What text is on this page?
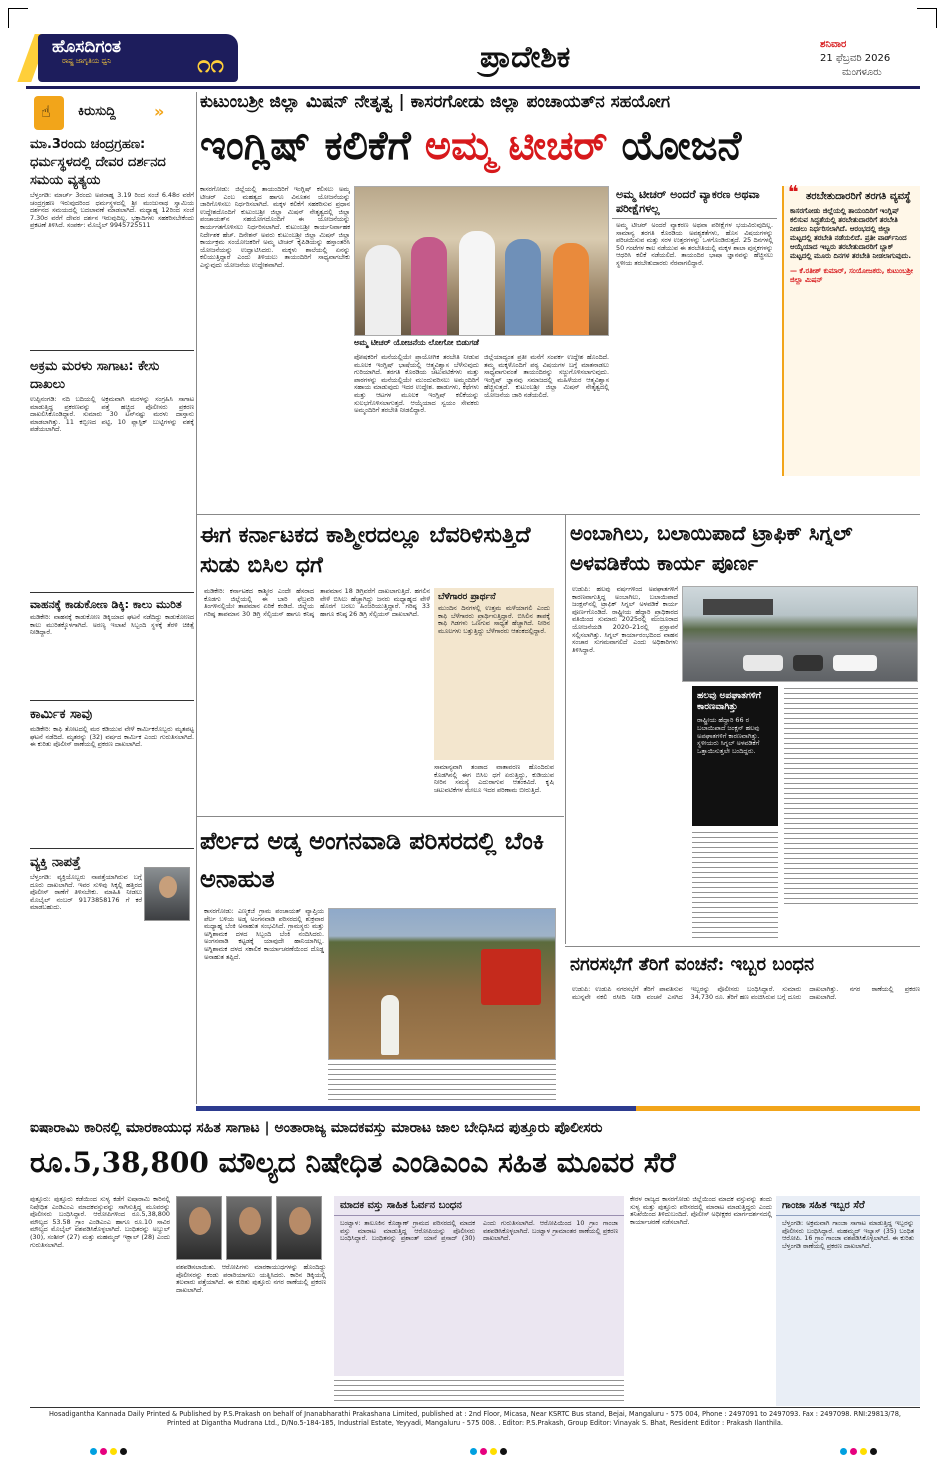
ಹೊಸದಿಗಂತ
ರಾಷ್ಟ್ರ ಜಾಗೃತಿಯ ಧ್ವನಿ	೧೧	ಪ್ರಾದೇಶಿಕ	ಶನಿವಾರ
21 ಫೆಬ್ರವರಿ 2026
ಮಂಗಳೂರು
☝
ಕಿರುಸುದ್ದಿ	»
ಮಾ.3ರಂದು ಚಂದ್ರಗ್ರಹಣ: ಧರ್ಮಸ್ಥಳದಲ್ಲಿ ದೇವರ ದರ್ಶನದ ಸಮಯ ವ್ಯತ್ಯಯ
ಬೆಳ್ತಂಗಡಿ: ಮಾರ್ಚ್ 3ರಂದು ಅಪರಾಹ್ನ 3.19 ರಿಂದ ಸಂಜೆ 6.48ರ ವರೆಗೆ ಚಂದ್ರಗ್ರಹಣ ಇರುವುದರಿಂದ ಧರ್ಮಸ್ಥಳದಲ್ಲಿ ಶ್ರೀ ಮಂಜುನಾಥ ಸ್ವಾಮಿಯ ದರ್ಶನದ ಸಮಯದಲ್ಲಿ ಬದಲಾವಣೆ ಮಾಡಲಾಗಿದೆ. ಮಧ್ಯಾಹ್ನ 12ರಿಂದ ಸಂಜೆ 7.30ರ ವರೆಗೆ ದೇವರ ದರ್ಶನ ಇರುವುದಿಲ್ಲ. ಭಕ್ತಾದಿಗಳು ಸಹಕರಿಸಬೇಕೆಂದು ಪ್ರಕಟಣೆ ತಿಳಿಸಿದೆ. ಸಂಪರ್ಕ: ಮೊಬೈಲ್ 9945725511
ಅಕ್ರಮ ಮರಳು ಸಾಗಾಟ: ಕೇಸು ದಾಖಲು
ಉಪ್ಪಿನಂಗಡಿ: ನದಿ ಬದಿಯಲ್ಲಿ ಅಕ್ರಮವಾಗಿ ಮರಳನ್ನು ಸಂಗ್ರಹಿಸಿ ಸಾಗಾಟ ಮಾಡುತ್ತಿದ್ದ ಪ್ರಕರಣವನ್ನು ಪತ್ತೆ ಹಚ್ಚಿದ ಪೊಲೀಸರು ಪ್ರಕರಣ ದಾಖಲಿಸಿಕೊಂಡಿದ್ದಾರೆ. ಸುಮಾರು 30 ಟನ್‌ನಷ್ಟು ಮರಳು ದಾಸ್ತಾನು ಮಾಡಲಾಗಿತ್ತು. 11 ಕಬ್ಬಿಣದ ಪಟ್ಟಿ, 10 ಪ್ಲಾಸ್ಟಿಕ್ ಬುಟ್ಟಿಗಳನ್ನು ವಶಕ್ಕೆ ಪಡೆಯಲಾಗಿದೆ.
ವಾಹನಕ್ಕೆ ಕಾಡುಕೋಣ ಡಿಕ್ಕಿ: ಕಾಲು ಮುರಿತ
ಮಡಿಕೇರಿ: ವಾಹನಕ್ಕೆ ಕಾಡುಕೋಣ ಡಿಕ್ಕಿಯಾದ ಘಟನೆ ನಡೆದಿದ್ದು ಕಾಡುಕೋಣದ ಕಾಲು ಮುರಿತಕ್ಕೊಳಗಾಗಿದೆ. ಅರಣ್ಯ ಇಲಾಖೆ ಸಿಬ್ಬಂದಿ ಸ್ಥಳಕ್ಕೆ ತೆರಳಿ ಚಿಕಿತ್ಸೆ ನೀಡಿದ್ದಾರೆ.
ಕಾರ್ಮಿಕ ಸಾವು
ಮಡಿಕೇರಿ: ಕಾಫಿ ತೋಟದಲ್ಲಿ ಮರ ಕಡಿಯುವ ವೇಳೆ ಕಾರ್ಮಿಕರೊಬ್ಬರು ಮೃತಪಟ್ಟ ಘಟನೆ ನಡೆದಿದೆ. ಮೃತರನ್ನು (32) ವರ್ಷದ ಕಾರ್ಮಿಕ ಎಂದು ಗುರುತಿಸಲಾಗಿದೆ. ಈ ಕುರಿತು ಪೊಲೀಸ್ ಠಾಣೆಯಲ್ಲಿ ಪ್ರಕರಣ ದಾಖಲಾಗಿದೆ.
ವ್ಯಕ್ತಿ ನಾಪತ್ತೆ
ಬೆಳ್ತಂಗಡಿ: ವ್ಯಕ್ತಿಯೊಬ್ಬರು ನಾಪತ್ತೆಯಾಗಿರುವ ಬಗ್ಗೆ ದೂರು ದಾಖಲಾಗಿದೆ. ಇವರ ಸುಳಿವು ಸಿಕ್ಕಲ್ಲಿ ಹತ್ತಿರದ ಪೊಲೀಸ್ ಠಾಣೆಗೆ ತಿಳಿಸಬೇಕು. ಮಾಹಿತಿ ನೀಡಲು ಮೊಬೈಲ್ ನಂಬರ್ 9173858176 ಗೆ ಕರೆ ಮಾಡಬಹುದು.
ಕುಟುಂಬಶ್ರೀ ಜಿಲ್ಲಾ ಮಿಷನ್ ನೇತೃತ್ವ | ಕಾಸರಗೋಡು ಜಿಲ್ಲಾ ಪಂಚಾಯತ್‌ನ ಸಹಯೋಗ
ಇಂಗ್ಲಿಷ್ ಕಲಿಕೆಗೆ ಅಮ್ಮ ಟೀಚರ್ ಯೋಜನೆ
ಕಾಸರಗೋಡು: ಜಿಲ್ಲೆಯಲ್ಲಿ ತಾಯಂದಿರಿಗೆ ಇಂಗ್ಲಿಷ್ ಕಲಿಸಲು ಅಮ್ಮ ಟೀಚರ್ ಎಂಬ ಮಹತ್ವದ ಹಾಗೂ ವಿನೂತನ ಯೋಜನೆಯನ್ನು ಜಾರಿಗೊಳಿಸಲು ನಿರ್ಧರಿಸಲಾಗಿದೆ. ಮಕ್ಕಳ ಕಲಿಕೆಗೆ ಸಹಕರಿಸುವ ಪ್ರಧಾನ ಉದ್ದೇಶದೊಂದಿಗೆ ಕುಟುಂಬಶ್ರೀ ಜಿಲ್ಲಾ ಮಿಷನ್ ನೇತೃತ್ವದಲ್ಲಿ ಜಿಲ್ಲಾ ಪಂಚಾಯತ್‌ನ ಸಹಯೋಗದೊಂದಿಗೆ ಈ ಯೋಜನೆಯನ್ನು ಕಾರ್ಯಗತಗೊಳಿಸಲು ನಿರ್ಧರಿಸಲಾಗಿದೆ. ಕುಟುಂಬಶ್ರೀ ಕಾರ್ಯನಿರ್ವಾಹಕ ನಿರ್ದೇಶಕ ಹೆಚ್. ದಿನೇಶನ್ ಅವರು ಕುಟುಂಬಶ್ರೀ ಜಿಲ್ಲಾ ಮಿಷನ್ ಜಿಲ್ಲಾ ಕಾರ್ಯಕ್ರಮ ಸಂಯೋಜಕರಿಗೆ ಅಮ್ಮ ಟೀಚರ್ ಕೈಪಿಡಿಯನ್ನು ಹಸ್ತಾಂತರಿಸಿ ಯೋಜನೆಯನ್ನು ಉದ್ಘಾಟಿಸಿದರು. ಮಕ್ಕಳು ಶಾಲೆಯಲ್ಲಿ ಏನನ್ನು ಕಲಿಯುತ್ತಿದ್ದಾರೆ ಎಂದು ತಿಳಿಯಲು ತಾಯಂದಿರಿಗೆ ಸಾಧ್ಯವಾಗಬೇಕು ಎನ್ನುವುದು ಯೋಜನೆಯ ಉದ್ದೇಶವಾಗಿದೆ.
ಅಮ್ಮ ಟೀಚರ್ ಯೋಜನೆಯ ಲೋಗೋ ಬಿಡುಗಡೆ
ಪೋಷಕರಿಗೆ ಮನೆಯಲ್ಲಿಯೇ ಪ್ರಾಯೋಗಿಕ ತರಬೇತಿ ನೀಡುವ ಮೂಲಕ ಇಂಗ್ಲಿಷ್ ಭಾಷೆಯಲ್ಲಿ ಆತ್ಮವಿಶ್ವಾಸ ಬೆಳೆಸುವುದು ಗುರಿಯಾಗಿದೆ. ತರಗತಿ ಕೊಠಡಿಯ ಚಟುವಟಿಕೆಗಳು ಮತ್ತು ಪಾಠಗಳನ್ನು ಮನೆಯಲ್ಲಿಯೇ ಮುಂದುವರಿಸಲು ಅಮ್ಮಂದಿರಿಗೆ ಸಹಾಯ ಮಾಡುವುದು ಇದರ ಉದ್ದೇಶ. ಹಾಡುಗಳು, ಕಥೆಗಳು ಮತ್ತು ಆಟಗಳ ಮೂಲಕ ಇಂಗ್ಲಿಷ್ ಕಲಿಕೆಯನ್ನು ಸುಲಭಗೊಳಿಸಲಾಗುತ್ತದೆ. ಆಯ್ಕೆಯಾದ ಸ್ವಯಂ ಸೇವಕರು ಅಮ್ಮಂದಿರಿಗೆ ತರಬೇತಿ ನೀಡಲಿದ್ದಾರೆ.
ಜಿಲ್ಲೆಯಾದ್ಯಂತ ಪ್ರತೀ ಮನೆಗೆ ಸಂಪರ್ಕ ಉದ್ದೇಶ ಹೊಂದಿದೆ. ತಮ್ಮ ಮಕ್ಕಳೊಂದಿಗೆ ಪಠ್ಯ ವಿಷಯಗಳ ಬಗ್ಗೆ ಮಾತನಾಡಲು ಸಾಧ್ಯವಾಗುವಂತೆ ತಾಯಂದಿರನ್ನು ಸಜ್ಜುಗೊಳಿಸಲಾಗುವುದು. ಇಂಗ್ಲಿಷ್ ಜ್ಞಾನವು ಸಮಾಜದಲ್ಲಿ ಮಹಿಳೆಯರ ಆತ್ಮವಿಶ್ವಾಸ ಹೆಚ್ಚಿಸುತ್ತದೆ. ಕುಟುಂಬಶ್ರೀ ಜಿಲ್ಲಾ ಮಿಷನ್ ನೇತೃತ್ವದಲ್ಲಿ ಯೋಜನೆಯ ಜಾರಿ ನಡೆಯಲಿದೆ.
ಅಮ್ಮ ಟೀಚರ್ ಅಂದರೆ ವ್ಯಾಕರಣ ಅಥವಾ ಪರೀಕ್ಷೆಗಳಲ್ಲ
ಅಮ್ಮ ಟೀಚರ್ ಅಂದರೆ ವ್ಯಾಕರಣ ಅಥವಾ ಪರೀಕ್ಷೆಗಳ ಭಯವಿರುವುದಿಲ್ಲ. ಸಾಮಾನ್ಯ ತರಗತಿ ಕೊಠಡಿಯ ಅವಶ್ಯಕತೆಗಳು, ಹೊಸ ವಿಷಯಗಳನ್ನು ಪರಿಚಯಿಸುವ ಮತ್ತು ಸರಳ ಉತ್ತರಗಳನ್ನು ಒಳಗೊಂಡಿರುತ್ತದೆ. 25 ದಿನಗಳಲ್ಲಿ 50 ಗಂಟೆಗಳ ಕಾಲ ನಡೆಯುವ ಈ ತರಬೇತಿಯಲ್ಲಿ ಮಕ್ಕಳ ಶಾಲಾ ಪುಸ್ತಕಗಳನ್ನು ಆಧರಿಸಿ ಕಲಿಕೆ ನಡೆಯಲಿದೆ. ತಾಯಂದಿರ ಭಾಷಾ ಜ್ಞಾನವನ್ನು ಹೆಚ್ಚಿಸಲು ಸ್ಥಳೀಯ ತರಬೇತುದಾರರು ನೆರವಾಗಲಿದ್ದಾರೆ.
❝ ತರಬೇತುದಾರರಿಗೆ ತರಗತಿ ವ್ಯವಸ್ಥೆ
ಕಾಸರಗೋಡು ಜಿಲ್ಲೆಯಲ್ಲಿ ತಾಯಂದಿರಿಗೆ ಇಂಗ್ಲಿಷ್ ಕಲಿಸುವ ಸಿದ್ಧತೆಯಲ್ಲಿ ತರಬೇತುದಾರರಿಗೆ ತರಬೇತಿ ನೀಡಲು ನಿರ್ಧರಿಸಲಾಗಿದೆ. ಆರಂಭದಲ್ಲಿ ಜಿಲ್ಲಾ ಮಟ್ಟದಲ್ಲಿ ತರಬೇತಿ ನಡೆಯಲಿದೆ. ಪ್ರತೀ ವಾರ್ಡ್‌ನಿಂದ ಆಯ್ಕೆಯಾದ ಇಬ್ಬರು ತರಬೇತುದಾರರಿಗೆ ಬ್ಲಾಕ್ ಮಟ್ಟದಲ್ಲಿ ಮೂರು ದಿನಗಳ ತರಬೇತಿ ನೀಡಲಾಗುವುದು.
— ಕೆ.ರತೀಶ್ ಕುಮಾರ್, ಸಂಯೋಜಕರು, ಕುಟುಂಬಶ್ರೀ ಜಿಲ್ಲಾ ಮಿಷನ್
ಈಗ ಕರ್ನಾಟಕದ ಕಾಶ್ಮೀರದಲ್ಲೂ ಬೆವರಿಳಿಸುತ್ತಿದೆ ಸುಡು ಬಿಸಿಲ ಧಗೆ
ಮಡಿಕೇರಿ: ಕರ್ನಾಟಕದ ಕಾಶ್ಮೀರ ಎಂದೇ ಹೆಸರಾದ ಕೊಡಗು ಜಿಲ್ಲೆಯಲ್ಲಿ ಈ ಬಾರಿ ಫೆಬ್ರವರಿ ತಿಂಗಳಿನಲ್ಲಿಯೇ ತಾಪಮಾನ ಏರಿಕೆ ಕಂಡಿದೆ. ಜಿಲ್ಲೆಯ ಗರಿಷ್ಠ ತಾಪಮಾನ 30 ಡಿಗ್ರಿ ಸೆಲ್ಸಿಯಸ್ ಹಾಗೂ ಕನಿಷ್ಠ ತಾಪಮಾನ 18 ಡಿಗ್ರಿವರೆಗೆ ದಾಖಲಾಗುತ್ತಿದೆ. ಹಗಲಿನ ವೇಳೆ ಬಿಸಿಲು ಹೆಚ್ಚಾಗಿದ್ದು ಜನರು ಮಧ್ಯಾಹ್ನದ ವೇಳೆ ಹೊರಗೆ ಬರಲು ಹಿಂಜರಿಯುತ್ತಿದ್ದಾರೆ. ಗರಿಷ್ಠ 33 ಹಾಗೂ ಕನಿಷ್ಠ 26 ಡಿಗ್ರಿ ಸೆಲ್ಸಿಯಸ್ ದಾಖಲಾಗಿದೆ.
ಬೆಳೆಗಾರರ ಪ್ರಾರ್ಥನೆ
ಮುಂದಿನ ದಿನಗಳಲ್ಲಿ ಉತ್ತಮ ಮಳೆಯಾಗಲಿ ಎಂದು ಕಾಫಿ ಬೆಳೆಗಾರರು ಪ್ರಾರ್ಥಿಸುತ್ತಿದ್ದಾರೆ. ಬಿಸಿಲಿನ ತಾಪಕ್ಕೆ ಕಾಫಿ ಗಿಡಗಳು ಒಣಗುವ ಸಾಧ್ಯತೆ ಹೆಚ್ಚಾಗಿದೆ. ನೀರಿನ ಮೂಲಗಳು ಬತ್ತುತ್ತಿದ್ದು ಬೆಳೆಗಾರರು ಆತಂಕದಲ್ಲಿದ್ದಾರೆ.
ಸಾಮಾನ್ಯವಾಗಿ ತಂಪಾದ ವಾತಾವರಣ ಹೊಂದಿರುವ ಕೊಡಗಿನಲ್ಲಿ ಈಗ ಬಿಸಿಲ ಧಗೆ ಏರುತ್ತಿದ್ದು, ಕುಡಿಯುವ ನೀರಿನ ಸಮಸ್ಯೆ ಎದುರಾಗುವ ಆತಂಕವಿದೆ. ಕೃಷಿ ಚಟುವಟಿಕೆಗಳ ಮೇಲೂ ಇದರ ಪರಿಣಾಮ ಬೀರುತ್ತಿದೆ.
ಪೆರ್ಲದ ಅಡ್ಕ ಅಂಗನವಾಡಿ ಪರಿಸರದಲ್ಲಿ ಬೆಂಕಿ ಅನಾಹುತ
ಕಾಸರಗೋಡು: ಎಣ್ಮಕಜೆ ಗ್ರಾಮ ಪಂಚಾಯತ್ ವ್ಯಾಪ್ತಿಯ ಪೆರ್ಲ ಬಳಿಯ ಅಡ್ಕ ಅಂಗನವಾಡಿ ಪರಿಸರದಲ್ಲಿ ಶುಕ್ರವಾರ ಮಧ್ಯಾಹ್ನ ಬೆಂಕಿ ಅನಾಹುತ ಸಂಭವಿಸಿದೆ. ಗ್ರಾಮಸ್ಥರು ಮತ್ತು ಅಗ್ನಿಶಾಮಕ ದಳದ ಸಿಬ್ಬಂದಿ ಬೆಂಕಿ ನಂದಿಸಿದರು. ಅಂಗನವಾಡಿ ಕಟ್ಟಡಕ್ಕೆ ಯಾವುದೇ ಹಾನಿಯಾಗಿಲ್ಲ. ಅಗ್ನಿಶಾಮಕ ದಳದ ಸಕಾಲಿಕ ಕಾರ್ಯಾಚರಣೆಯಿಂದ ದೊಡ್ಡ ಅನಾಹುತ ತಪ್ಪಿದೆ.
ಅಂಬಾಗಿಲು, ಬಲಾಯಿಪಾದೆ ಟ್ರಾಫಿಕ್ ಸಿಗ್ನಲ್ ಅಳವಡಿಕೆಯ ಕಾರ್ಯ ಪೂರ್ಣ
ಉಡುಪಿ: ಹಲವು ವರ್ಷಗಳಿಂದ ಅಪಘಾತಗಳಿಗೆ ಕಾರಣವಾಗುತ್ತಿದ್ದ ಅಂಬಾಗಿಲು, ಬಲಾಯಿಪಾದೆ ಜಂಕ್ಷನ್‌ನಲ್ಲಿ ಟ್ರಾಫಿಕ್ ಸಿಗ್ನಲ್ ಅಳವಡಿಕೆ ಕಾರ್ಯ ಪೂರ್ಣಗೊಂಡಿದೆ. ರಾಷ್ಟ್ರೀಯ ಹೆದ್ದಾರಿ ಪ್ರಾಧಿಕಾರದ ವತಿಯಿಂದ ಸುಮಾರು 2025ರಲ್ಲಿ ಮಂಜೂರಾದ ಯೋಜನೆಯಡಿ 2020–21ರಲ್ಲಿ ಪ್ರಸ್ತಾವನೆ ಸಲ್ಲಿಸಲಾಗಿತ್ತು. ಸಿಗ್ನಲ್ ಕಾರ್ಯಾರಂಭದಿಂದ ವಾಹನ ಸಂಚಾರ ಸುಗಮವಾಗಲಿದೆ ಎಂದು ಅಧಿಕಾರಿಗಳು ತಿಳಿಸಿದ್ದಾರೆ.
ಹಲವು ಅಪಘಾತಗಳಿಗೆ ಕಾರಣವಾಗಿತ್ತು
ರಾಷ್ಟ್ರೀಯ ಹೆದ್ದಾರಿ 66 ರ ಬಲಾಯಿಪಾದೆ ಜಂಕ್ಷನ್ ಹಲವು ಅಪಘಾತಗಳಿಗೆ ಕಾರಣವಾಗಿತ್ತು. ಸ್ಥಳೀಯರು ಸಿಗ್ನಲ್ ಅಳವಡಿಕೆಗೆ ಒತ್ತಾಯಿಸುತ್ತಲೇ ಬಂದಿದ್ದರು.
ನಗರಸಭೆಗೆ ತೆರಿಗೆ ವಂಚನೆ: ಇಬ್ಬರ ಬಂಧನ
ಉಡುಪಿ: ಉಡುಪಿ ನಗರಸಭೆಗೆ ತೆರಿಗೆ ಪಾವತಿಸುವ ಮುನ್ನವೇ ನಕಲಿ ರಸೀದಿ ನೀಡಿ ವಂಚನೆ ಎಸಗಿದ ಇಬ್ಬರನ್ನು ಪೊಲೀಸರು ಬಂಧಿಸಿದ್ದಾರೆ. ಸುಮಾರು 34,730 ರೂ. ತೆರಿಗೆ ಹಣ ವಂಚಿಸಿರುವ ಬಗ್ಗೆ ದೂರು ದಾಖಲಾಗಿತ್ತು. ನಗರ ಠಾಣೆಯಲ್ಲಿ ಪ್ರಕರಣ ದಾಖಲಾಗಿದೆ.
ಐಷಾರಾಮಿ ಕಾರಿನಲ್ಲಿ ಮಾರಕಾಯುಧ ಸಹಿತ ಸಾಗಾಟ | ಅಂತಾರಾಜ್ಯ ಮಾದಕವಸ್ತು ಮಾರಾಟ ಜಾಲ ಬೇಧಿಸಿದ ಪುತ್ತೂರು ಪೊಲೀಸರು
ರೂ.5,38,800 ಮೌಲ್ಯದ ನಿಷೇಧಿತ ಎಂಡಿಎಂಎ ಸಹಿತ ಮೂವರ ಸೆರೆ
ಪುತ್ತೂರು: ಪುತ್ತೂರು ಕಡೆಯಿಂದ ಸುಳ್ಯ ಕಡೆಗೆ ಐಷಾರಾಮಿ ಕಾರಿನಲ್ಲಿ ನಿಷೇಧಿತ ಎಂಡಿಎಂಎ ಮಾದಕವಸ್ತುವನ್ನು ಸಾಗಿಸುತ್ತಿದ್ದ ಮೂವರನ್ನು ಪೊಲೀಸರು ಬಂಧಿಸಿದ್ದಾರೆ. ಆರೋಪಿಗಳಿಂದ ರೂ.5,38,800 ಮೌಲ್ಯದ 53.58 ಗ್ರಾಂ ಎಂಡಿಎಂಎ ಹಾಗೂ ರೂ.10 ಸಾವಿರ ಮೌಲ್ಯದ ಮೊಬೈಲ್ ವಶಪಡಿಸಿಕೊಳ್ಳಲಾಗಿದೆ. ಬಂಧಿತರನ್ನು ಅಬ್ದುಲ್ (30), ಸಂಶೀರ್ (27) ಮತ್ತು ಮಹಮ್ಮದ್ ಇಕ್ಬಾಲ್ (28) ಎಂದು ಗುರುತಿಸಲಾಗಿದೆ.
ವಶಪಡಿಸಲಾಯಿತು. ಆರೋಪಿಗಳು ಮಾರಕಾಯುಧಗಳನ್ನು ಹೊಂದಿದ್ದು ಪೊಲೀಸರನ್ನು ಕಂಡು ಪರಾರಿಯಾಗಲು ಯತ್ನಿಸಿದರು. ಕಾರಿನ ಡಿಕ್ಕಿಯಲ್ಲಿ ತಲವಾರು ಪತ್ತೆಯಾಗಿದೆ. ಈ ಕುರಿತು ಪುತ್ತೂರು ನಗರ ಠಾಣೆಯಲ್ಲಿ ಪ್ರಕರಣ ದಾಖಲಾಗಿದೆ.
ಮಾದಕ ವಸ್ತು ಸಾಹಿತ ಓರ್ವನ ಬಂಧನ
ಬಂಟ್ವಾಳ: ತಾಲೂಕಿನ ಕೊಡ್ಮಾಣ್ ಗ್ರಾಮದ ಪರಿಸರದಲ್ಲಿ ಮಾದಕ ವಸ್ತು ಮಾರಾಟ ಮಾಡುತ್ತಿದ್ದ ಆರೋಪಿಯನ್ನು ಪೊಲೀಸರು ಬಂಧಿಸಿದ್ದಾರೆ. ಬಂಧಿತನನ್ನು ಪ್ರಶಾಂತ್ ಯಾನೆ ಪ್ರಸಾದ್ (30) ಎಂದು ಗುರುತಿಸಲಾಗಿದೆ. ಆರೋಪಿಯಿಂದ 10 ಗ್ರಾಂ ಗಾಂಜಾ ವಶಪಡಿಸಿಕೊಳ್ಳಲಾಗಿದೆ. ಬಂಟ್ವಾಳ ಗ್ರಾಮಾಂತರ ಠಾಣೆಯಲ್ಲಿ ಪ್ರಕರಣ ದಾಖಲಾಗಿದೆ.
ಕೇರಳ ರಾಜ್ಯದ ಕಾಸರಗೋಡು ಜಿಲ್ಲೆಯಿಂದ ಮಾದಕ ವಸ್ತುವನ್ನು ತಂದು ಸುಳ್ಯ ಮತ್ತು ಪುತ್ತೂರು ಪರಿಸರದಲ್ಲಿ ಮಾರಾಟ ಮಾಡುತ್ತಿದ್ದರು ಎಂದು ತನಿಖೆಯಿಂದ ತಿಳಿದುಬಂದಿದೆ. ಪೊಲೀಸ್ ಅಧೀಕ್ಷಕರ ಮಾರ್ಗದರ್ಶನದಲ್ಲಿ ಕಾರ್ಯಾಚರಣೆ ನಡೆಸಲಾಗಿದೆ.
ಗಾಂಜಾ ಸಹಿತ ಇಬ್ಬರ ಸೆರೆ
ಬೆಳ್ತಂಗಡಿ: ಅಕ್ರಮವಾಗಿ ಗಾಂಜಾ ಸಾಗಾಟ ಮಾಡುತ್ತಿದ್ದ ಇಬ್ಬರನ್ನು ಪೊಲೀಸರು ಬಂಧಿಸಿದ್ದಾರೆ. ಮಹಮ್ಮದ್ ಇಲ್ಯಾಸ್ (35) ಬಂಧಿತ ಆರೋಪಿ. 16 ಗ್ರಾಂ ಗಾಂಜಾ ವಶಪಡಿಸಿಕೊಳ್ಳಲಾಗಿದೆ. ಈ ಕುರಿತು ಬೆಳ್ತಂಗಡಿ ಠಾಣೆಯಲ್ಲಿ ಪ್ರಕರಣ ದಾಖಲಾಗಿದೆ.
Hosadigantha Kannada Daily Printed & Published by P.S.Prakash on behalf of Jnanabharathi Prakashana Limited, published at : 2nd Floor, Micasa, Near KSRTC Bus stand, Bejai, Mangaluru - 575 004, Phone : 2497091 to 2497093. Fax : 2497098. RNI:29813/78,
Printed at Digantha Mudrana Ltd., D/No.5-184-185, Industrial Estate, Yeyyadi, Mangaluru - 575 008. . Editor: P.S.Prakash, Group Editor: Vinayak S. Bhat, Resident Editor : Prakash Ilanthila.
